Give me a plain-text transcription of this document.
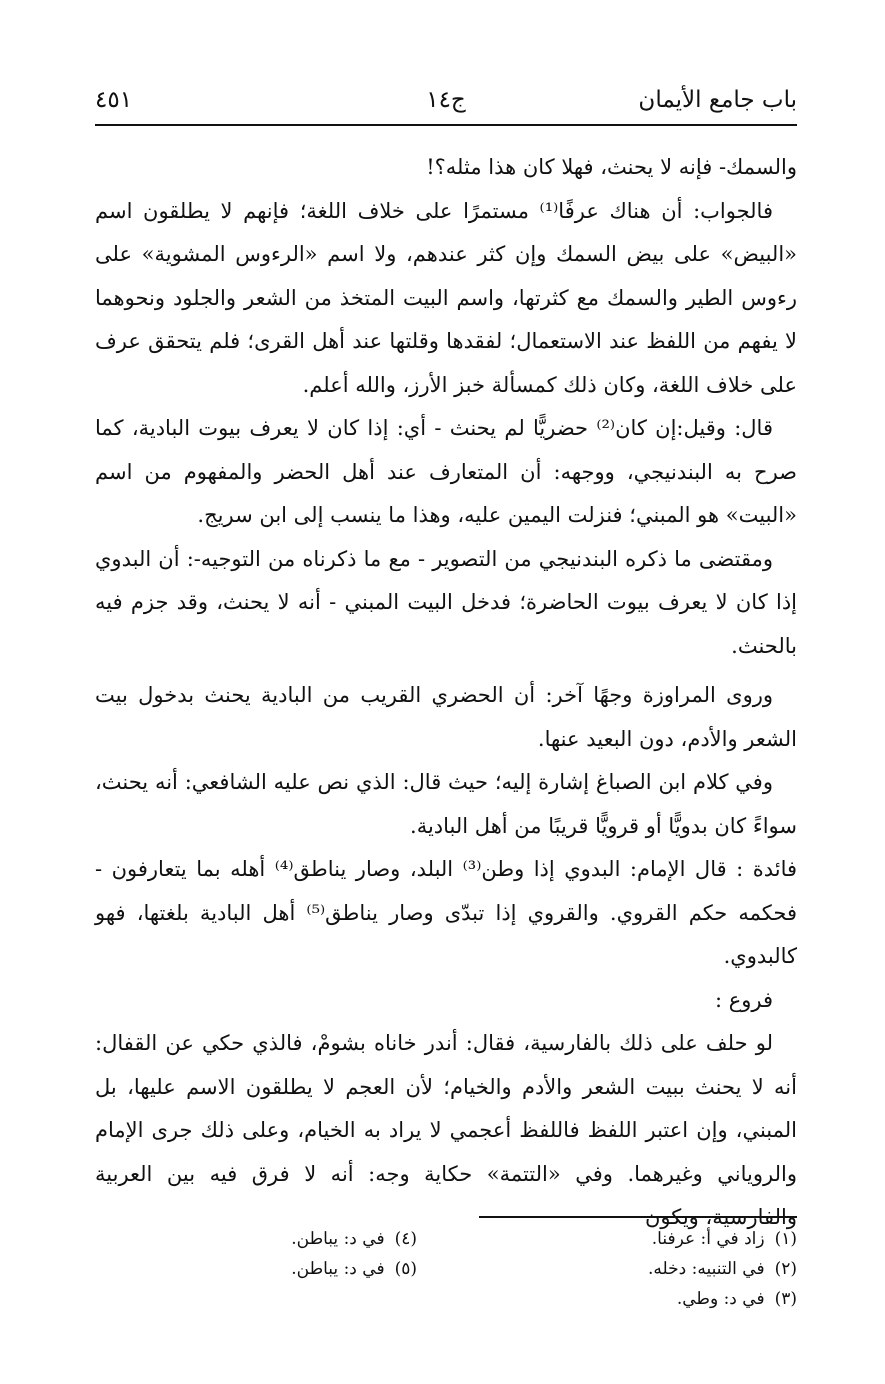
باب جامع الأيمان
ج١٤
٤٥١

والسمك- فإنه لا يحنث، فهلا كان هذا مثله؟!

فالجواب: أن هناك عرفًا⁽¹⁾ مستمرًا على خلاف اللغة؛ فإنهم لا يطلقون اسم «البيض» على بيض السمك وإن كثر عندهم، ولا اسم «الرءوس المشوية» على رءوس الطير والسمك مع كثرتها، واسم البيت المتخذ من الشعر والجلود ونحوهما لا يفهم من اللفظ عند الاستعمال؛ لفقدها وقلتها عند أهل القرى؛ فلم يتحقق عرف على خلاف اللغة، وكان ذلك كمسألة خبز الأرز، والله أعلم.

قال: وقيل:إن كان⁽²⁾ حضريًّا لم يحنث - أي: إذا كان لا يعرف بيوت البادية، كما صرح به البندنيجي، ووجهه: أن المتعارف عند أهل الحضر والمفهوم من اسم «البيت» هو المبني؛ فنزلت اليمين عليه، وهذا ما ينسب إلى ابن سريج.

ومقتضى ما ذكره البندنيجي من التصوير - مع ما ذكرناه من التوجيه-: أن البدوي إذا كان لا يعرف بيوت الحاضرة؛ فدخل البيت المبني - أنه لا يحنث، وقد جزم فيه بالحنث.

وروى المراوزة وجهًا آخر: أن الحضري القريب من البادية يحنث بدخول بيت الشعر والأدم، دون البعيد عنها.

وفي كلام ابن الصباغ إشارة إليه؛ حيث قال: الذي نص عليه الشافعي: أنه يحنث، سواءً كان بدويًّا أو قرويًّا قريبًا من أهل البادية.

فائدة : قال الإمام: البدوي إذا وطن⁽³⁾ البلد، وصار يناطق⁽⁴⁾ أهله بما يتعارفون - فحكمه حكم القروي. والقروي إذا تبدّى وصار يناطق⁽⁵⁾ أهل البادية بلغتها، فهو كالبدوي.

فروع :

لو حلف على ذلك بالفارسية، فقال: أندر خاناه بشومْ، فالذي حكي عن القفال: أنه لا يحنث ببيت الشعر والأدم والخيام؛ لأن العجم لا يطلقون الاسم عليها، بل المبني، وإن اعتبر اللفظ فاللفظ أعجمي لا يراد به الخيام، وعلى ذلك جرى الإمام والروياني وغيرهما. وفي «التتمة» حكاية وجه: أنه لا فرق فيه بين العربية والفارسية، ويكون

(١)زاد في أ: عرفنا.
(٢)في التنبيه: دخله.
(٣)في د: وطي.
(٤)في د: يباطن.
(٥)في د: يباطن.
